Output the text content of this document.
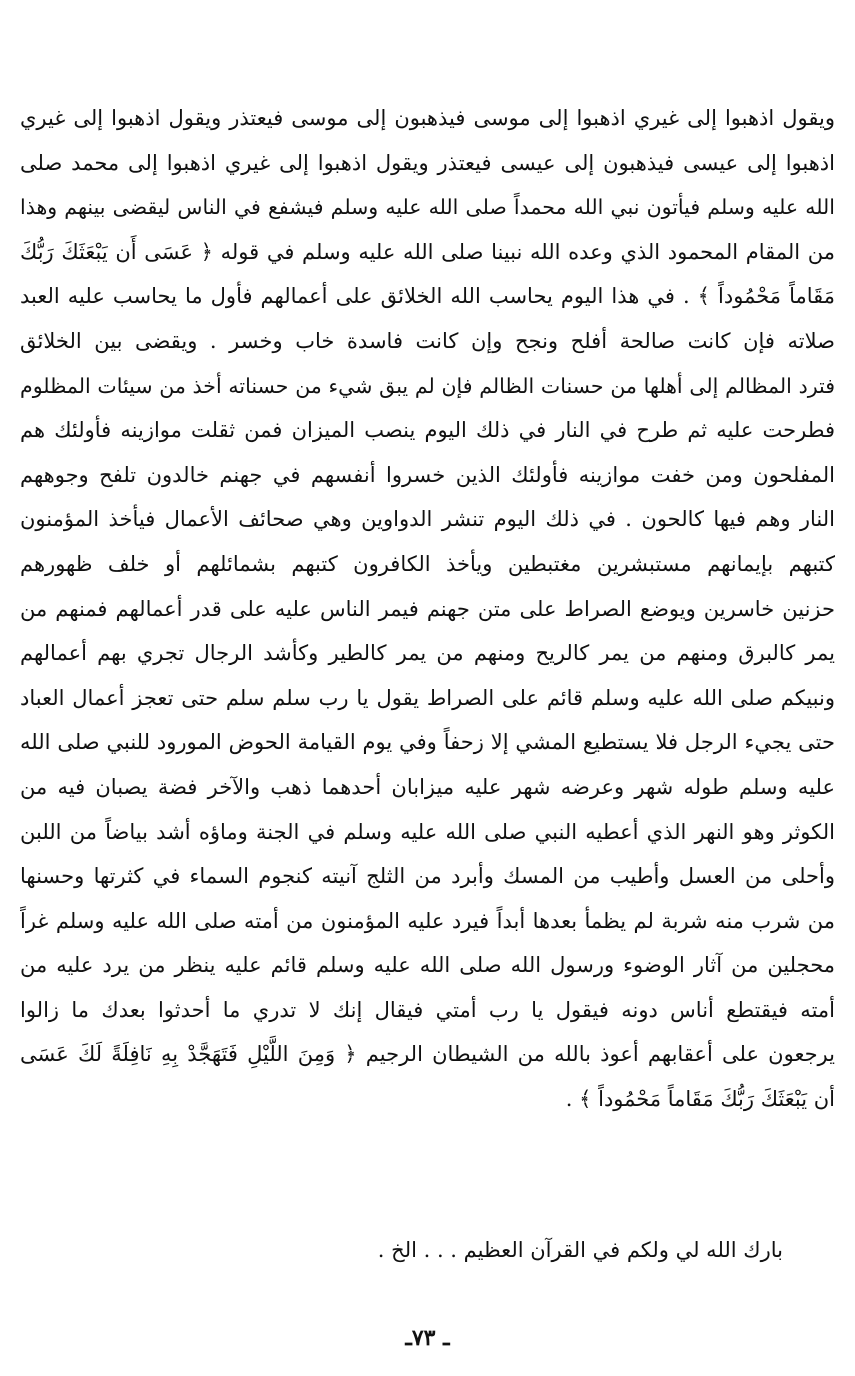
ويقول اذهبوا إلى غيري اذهبوا إلى موسى فيذهبون إلى موسى فيعتذر ويقول اذهبوا إلى غيري
اذهبوا إلى عيسى فيذهبون إلى عيسى فيعتذر ويقول اذهبوا إلى غيري اذهبوا إلى محمد صلى
الله عليه وسلم فيأتون نبي الله محمداً صلى الله عليه وسلم فيشفع في الناس ليقضى بينهم وهذا
من المقام المحمود الذي وعده الله نبينا صلى الله عليه وسلم في قوله ﴿ عَسَى أَن يَبْعَثَكَ رَبُّكَ
مَقَاماً مَحْمُوداً ﴾ . في هذا اليوم يحاسب الله الخلائق على أعمالهم فأول ما يحاسب عليه العبد
صلاته فإن كانت صالحة أفلح ونجح وإن كانت فاسدة خاب وخسر . ويقضى بين الخلائق
فترد المظالم إلى أهلها من حسنات الظالم فإن لم يبق شيء من حسناته أخذ من سيئات المظلوم
فطرحت عليه ثم طرح في النار في ذلك اليوم ينصب الميزان فمن ثقلت موازينه فأولئك هم
المفلحون ومن خفت موازينه فأولئك الذين خسروا أنفسهم في جهنم خالدون تلفح وجوههم
النار وهم فيها كالحون . في ذلك اليوم تنشر الدواوين وهي صحائف الأعمال فيأخذ المؤمنون
كتبهم بإيمانهم مستبشرين مغتبطين ويأخذ الكافرون كتبهم بشمائلهم أو خلف ظهورهم
حزنين خاسرين ويوضع الصراط على متن جهنم فيمر الناس عليه على قدر أعمالهم فمنهم من
يمر كالبرق ومنهم من يمر كالريح ومنهم من يمر كالطير وكأشد الرجال تجري بهم أعمالهم
ونبيكم صلى الله عليه وسلم قائم على الصراط يقول يا رب سلم سلم حتى تعجز أعمال العباد
حتى يجيء الرجل فلا يستطيع المشي إلا زحفاً وفي يوم القيامة الحوض المورود للنبي صلى الله
عليه وسلم طوله شهر وعرضه شهر عليه ميزابان أحدهما ذهب والآخر فضة يصبان فيه من
الكوثر وهو النهر الذي أعطيه النبي صلى الله عليه وسلم في الجنة وماؤه أشد بياضاً من اللبن
وأحلى من العسل وأطيب من المسك وأبرد من الثلج آنيته كنجوم السماء في كثرتها وحسنها
من شرب منه شربة لم يظمأ بعدها أبداً فيرد عليه المؤمنون من أمته صلى الله عليه وسلم غراً
محجلين من آثار الوضوء ورسول الله صلى الله عليه وسلم قائم عليه ينظر من يرد عليه من
أمته فيقتطع أناس دونه فيقول يا رب أمتي فيقال إنك لا تدري ما أحدثوا بعدك ما زالوا
يرجعون على أعقابهم أعوذ بالله من الشيطان الرجيم ﴿ وَمِنَ اللَّيْلِ فَتَهَجَّدْ بِهِ نَافِلَةً لَكَ عَسَى
أن يَبْعَثَكَ رَبُّكَ مَقَاماً مَحْمُوداً ﴾ .
بارك الله لي ولكم في القرآن العظيم . . . الخ .
ـ ٧٣ـ
